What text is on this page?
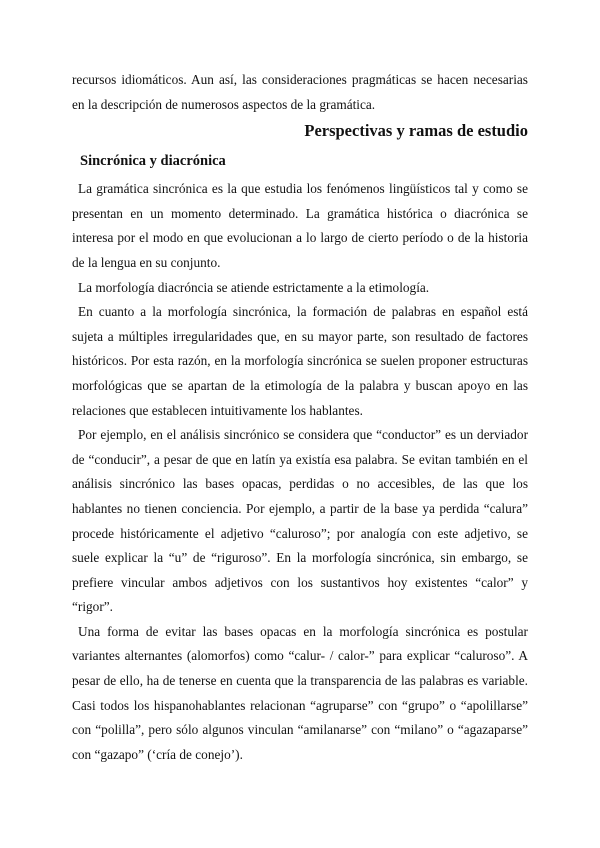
recursos idiomáticos. Aun así, las consideraciones pragmáticas se hacen necesarias en la descripción de numerosos aspectos de la gramática.

Perspectivas y ramas de estudio
Sincrónica y diacrónica

La gramática sincrónica es la que estudia los fenómenos lingüísticos tal y como se presentan en un momento determinado. La gramática histórica o diacrónica se interesa por el modo en que evolucionan a lo largo de cierto período o de la historia de la lengua en su conjunto.

La morfología diacróncia se atiende estrictamente a la etimología.

En cuanto a la morfología sincrónica, la formación de palabras en español está sujeta a múltiples irregularidades que, en su mayor parte, son resultado de factores históricos. Por esta razón, en la morfología sincrónica se suelen proponer estructuras morfológicas que se apartan de la etimología de la palabra y buscan apoyo en las relaciones que establecen intuitivamente los hablantes.

Por ejemplo, en el análisis sincrónico se considera que “conductor” es un derviador de “conducir”, a pesar de que en latín ya existía esa palabra. Se evitan también en el análisis sincrónico las bases opacas, perdidas o no accesibles, de las que los hablantes no tienen conciencia. Por ejemplo, a partir de la base ya perdida “calura” procede históricamente el adjetivo “caluroso”; por analogía con este adjetivo, se suele explicar la “u” de “riguroso”. En la morfología sincrónica, sin embargo, se prefiere vincular ambos adjetivos con los sustantivos hoy existentes “calor” y “rigor”.

Una forma de evitar las bases opacas en la morfología sincrónica es postular variantes alternantes (alomorfos) como “calur- / calor-” para explicar “caluroso”. A pesar de ello, ha de tenerse en cuenta que la transparencia de las palabras es variable. Casi todos los hispanohablantes relacionan “agruparse” con “grupo” o “apolillarse” con “polilla”, pero sólo algunos vinculan “amilanarse” con “milano” o “agazaparse” con “gazapo” (‘cría de conejo’).
